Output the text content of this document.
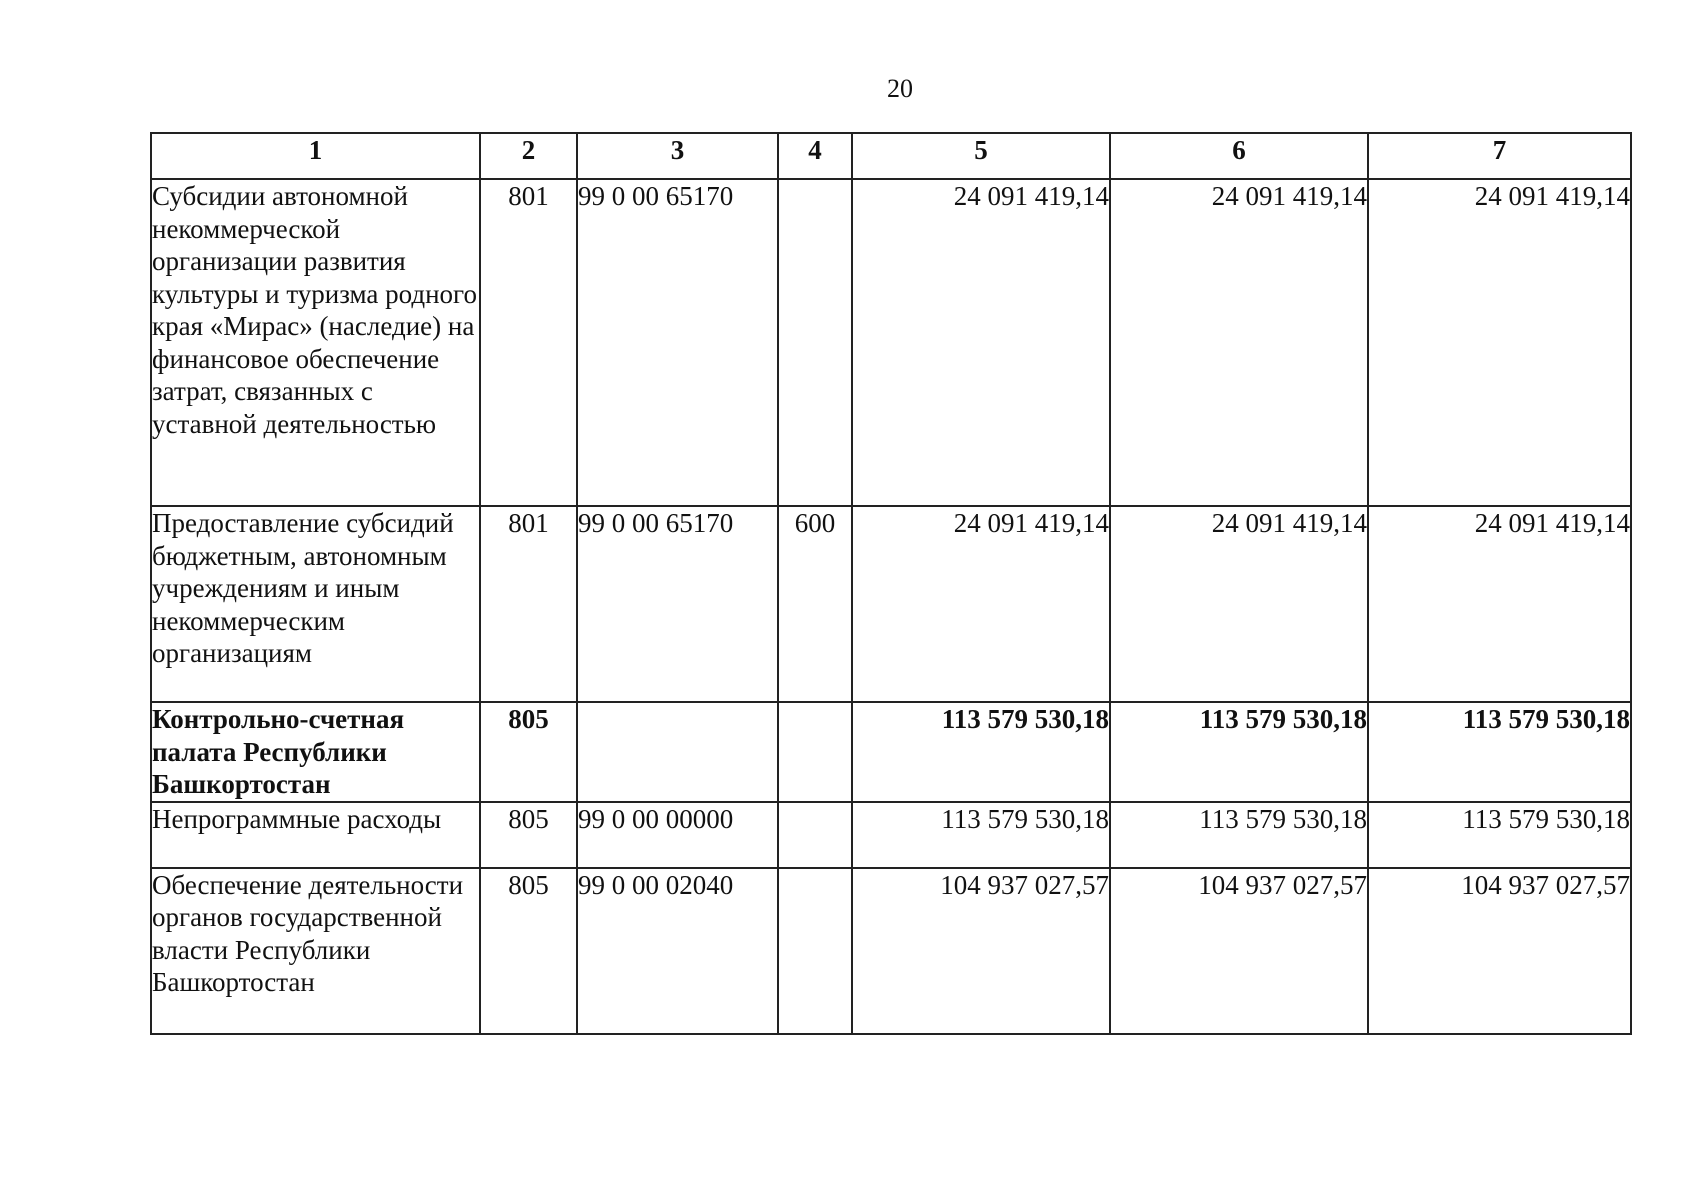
20
1	2	3	4	5	6	7
Субсидии автономной некоммерческой организации развития культуры и туризма родного края «Мирас» (наследие) на финансовое обеспечение затрат, связанных с уставной деятельностью	801	99 0 00 65170		24 091 419,14	24 091 419,14	24 091 419,14
Предоставление субсидий бюджетным, автономным учреждениям и иным некоммерческим организациям	801	99 0 00 65170	600	24 091 419,14	24 091 419,14	24 091 419,14
Контрольно-счетная палата Республики Башкортостан	805			113 579 530,18	113 579 530,18	113 579 530,18
Непрограммные расходы	805	99 0 00 00000		113 579 530,18	113 579 530,18	113 579 530,18
Обеспечение деятельности органов государственной власти Республики Башкортостан	805	99 0 00 02040		104 937 027,57	104 937 027,57	104 937 027,57
